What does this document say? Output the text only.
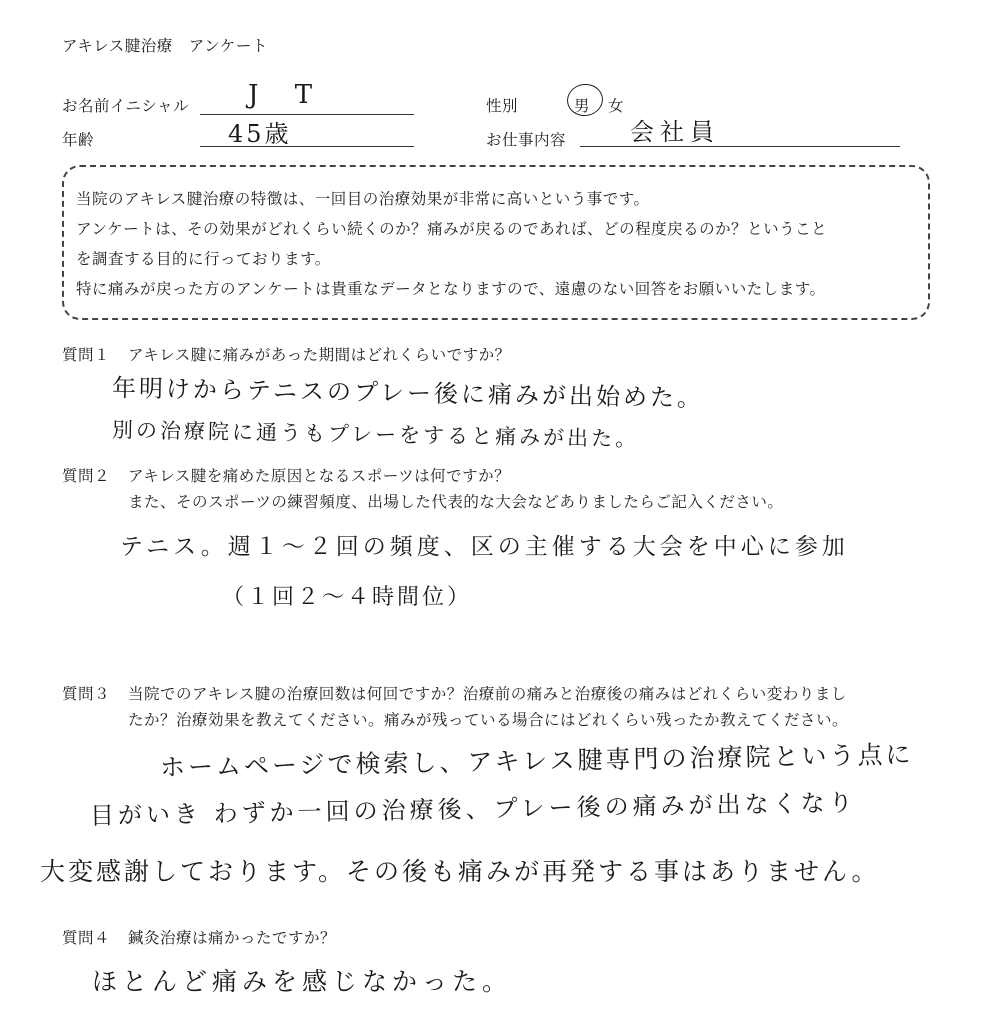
アキレス腱治療　アンケート
お名前イニシャル J T
年齢	45歳
性別	男 女
お仕事内容	会社員
当院のアキレス腱治療の特徴は、一回目の治療効果が非常に高いという事です。
アンケートは、その効果がどれくらい続くのか？痛みが戻るのであれば、どの程度戻るのか？ということ
を調査する目的に行っております。
特に痛みが戻った方のアンケートは貴重なデータとなりますので、遠慮のない回答をお願いいたします。
質問１ アキレス腱に痛みがあった期間はどれくらいですか？
年明けからテニスのプレー後に痛みが出始めた。
別の治療院に通うもプレーをすると痛みが出た。
質問２ アキレス腱を痛めた原因となるスポーツは何ですか？
また、そのスポーツの練習頻度、出場した代表的な大会などありましたらご記入ください。
テニス。週１〜２回の頻度、区の主催する大会を中心に参加
（１回２〜４時間位）
質問３ 当院でのアキレス腱の治療回数は何回ですか？治療前の痛みと治療後の痛みはどれくらい変わりまし
たか？治療効果を教えてください。痛みが残っている場合にはどれくらい残ったか教えてください。
ホームページで検索し、アキレス腱専門の治療院という点に
目がいき わずか一回の治療後、プレー後の痛みが出なくなり
大変感謝しております。その後も痛みが再発する事はありません。
質問４ 鍼灸治療は痛かったですか？
ほとんど痛みを感じなかった。
